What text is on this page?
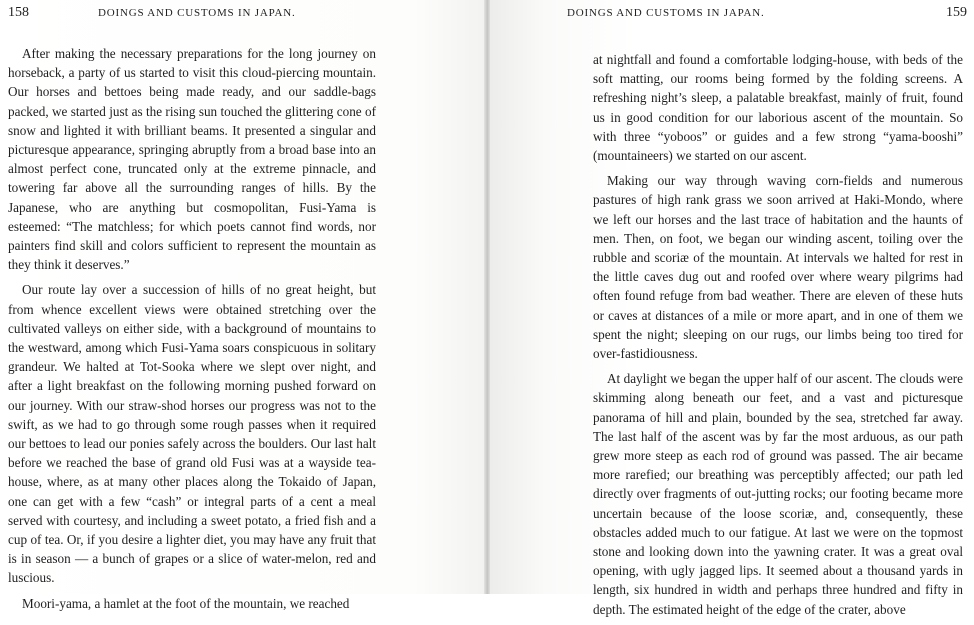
158	DOINGS AND CUSTOMS IN JAPAN.

After making the necessary preparations for the long journey on horseback, a party of us started to visit this cloud-piercing mountain. Our horses and bettoes being made ready, and our saddle-bags packed, we started just as the rising sun touched the glittering cone of snow and lighted it with brilliant beams. It presented a singular and picturesque appearance, springing abruptly from a broad base into an almost perfect cone, truncated only at the extreme pinnacle, and towering far above all the surrounding ranges of hills. By the Japanese, who are anything but cosmopolitan, Fusi-Yama is esteemed: “The matchless; for which poets cannot find words, nor painters find skill and colors sufficient to represent the mountain as they think it deserves.”

Our route lay over a succession of hills of no great height, but from whence excellent views were obtained stretching over the cultivated valleys on either side, with a background of mountains to the westward, among which Fusi-Yama soars conspicuous in solitary grandeur. We halted at Tot-Sooka where we slept over night, and after a light breakfast on the following morning pushed forward on our journey. With our straw-shod horses our progress was not to the swift, as we had to go through some rough passes when it required our bettoes to lead our ponies safely across the boulders. Our last halt before we reached the base of grand old Fusi was at a wayside tea-house, where, as at many other places along the Tokaido of Japan, one can get with a few “cash” or integral parts of a cent a meal served with courtesy, and including a sweet potato, a fried fish and a cup of tea. Or, if you desire a lighter diet, you may have any fruit that is in season — a bunch of grapes or a slice of water-melon, red and luscious.

Moori-yama, a hamlet at the foot of the mountain, we reached

DOINGS AND CUSTOMS IN JAPAN.	159

at nightfall and found a comfortable lodging-house, with beds of the soft matting, our rooms being formed by the folding screens. A refreshing night’s sleep, a palatable breakfast, mainly of fruit, found us in good condition for our laborious ascent of the mountain. So with three “yoboos” or guides and a few strong “yama-booshi” (mountaineers) we started on our ascent.

Making our way through waving corn-fields and numerous pastures of high rank grass we soon arrived at Haki-Mondo, where we left our horses and the last trace of habitation and the haunts of men. Then, on foot, we began our winding ascent, toiling over the rubble and scoriæ of the mountain. At intervals we halted for rest in the little caves dug out and roofed over where weary pilgrims had often found refuge from bad weather. There are eleven of these huts or caves at distances of a mile or more apart, and in one of them we spent the night; sleeping on our rugs, our limbs being too tired for over-fastidiousness.

At daylight we began the upper half of our ascent. The clouds were skimming along beneath our feet, and a vast and picturesque panorama of hill and plain, bounded by the sea, stretched far away. The last half of the ascent was by far the most arduous, as our path grew more steep as each rod of ground was passed. The air became more rarefied; our breathing was perceptibly affected; our path led directly over fragments of out-jutting rocks; our footing became more uncertain because of the loose scoriæ, and, consequently, these obstacles added much to our fatigue. At last we were on the topmost stone and looking down into the yawning crater. It was a great oval opening, with ugly jagged lips. It seemed about a thousand yards in length, six hundred in width and perhaps three hundred and fifty in depth. The estimated height of the edge of the crater, above
